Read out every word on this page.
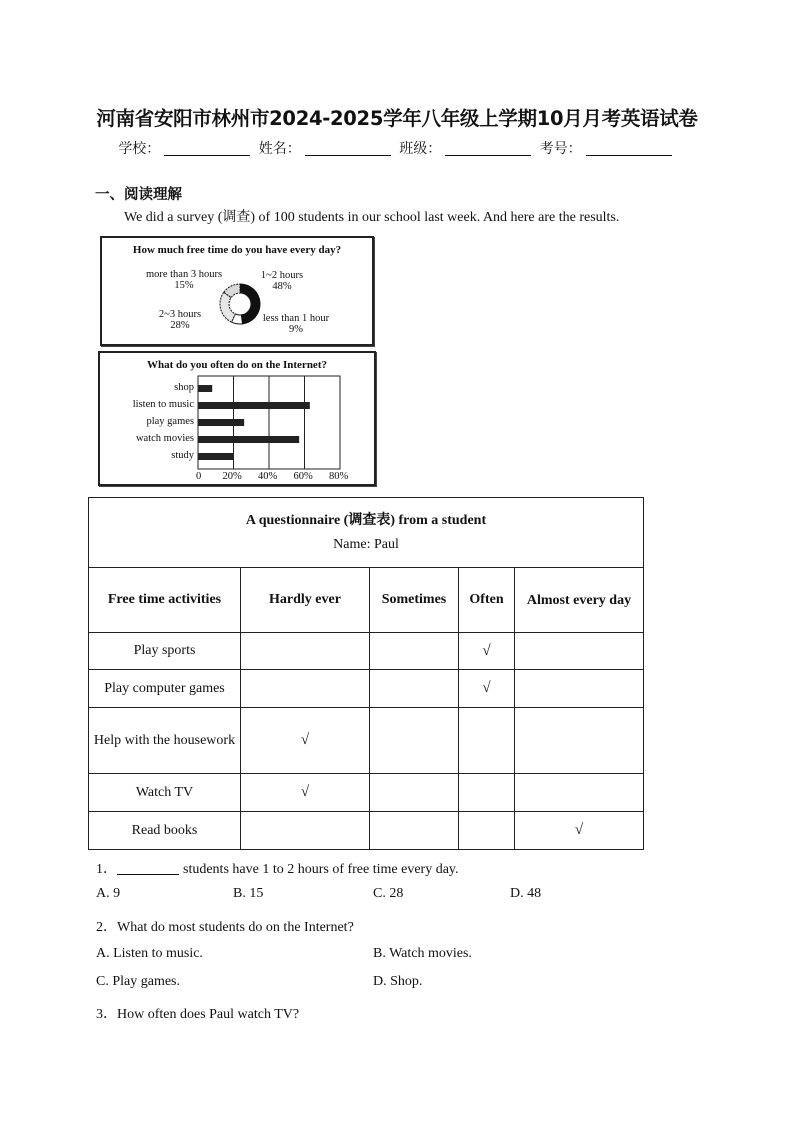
河南省安阳市林州市2024-2025学年八年级上学期10月月考英语试卷
学校：	姓名：	班级：	考号：
一、阅读理解
We did a survey (调查) of 100 students in our school last week. And here are the results.
How much free time do you have every day?
more than 3 hours
15%
1~2 hours
48%
2~3 hours
28%
less than 1 hour
9%
What do you often do on the Internet?
shop
listen to music
play games
watch movies
study
0 20% 40% 60% 80%
A questionnaire (调查表) from a student
Name: Paul				

Free time activities	Hardly ever	Sometimes	Often	Almost every day
Play sports			√	
Play computer games			√	
Help with the housework	√			
Watch TV	√			
Read books				√
1．	students have 1 to 2 hours of free time every day.
A. 9	B. 15	C. 28	D. 48
2．What do most students do on the Internet?
A. Listen to music.	B. Watch movies.
C. Play games.	D. Shop.
3．How often does Paul watch TV?
